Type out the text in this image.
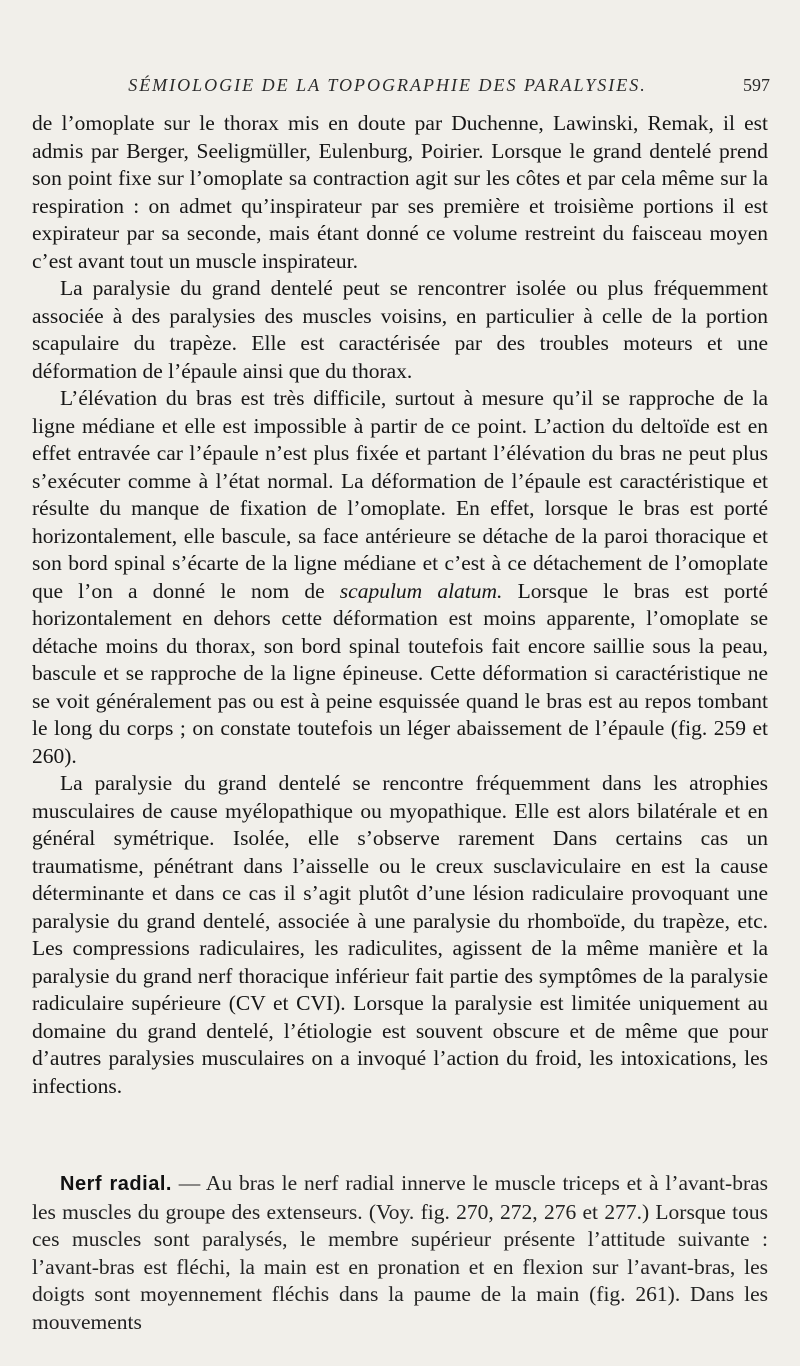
SÉMIOLOGIE DE LA TOPOGRAPHIE DES PARALYSIES.	597

de l’omoplate sur le thorax mis en doute par Duchenne, Lawinski, Remak, il est admis par Berger, Seeligmüller, Eulenburg, Poirier. Lorsque le grand dentelé prend son point fixe sur l’omoplate sa contraction agit sur les côtes et par cela même sur la respiration : on admet qu’inspirateur par ses première et troisième portions il est expirateur par sa seconde, mais étant donné ce volume restreint du faisceau moyen c’est avant tout un muscle inspirateur.

La paralysie du grand dentelé peut se rencontrer isolée ou plus fréquemment associée à des paralysies des muscles voisins, en particulier à celle de la portion scapulaire du trapèze. Elle est caractérisée par des troubles moteurs et une déformation de l’épaule ainsi que du thorax.

L’élévation du bras est très difficile, surtout à mesure qu’il se rapproche de la ligne médiane et elle est impossible à partir de ce point. L’action du deltoïde est en effet entravée car l’épaule n’est plus fixée et partant l’élévation du bras ne peut plus s’exécuter comme à l’état normal. La déformation de l’épaule est caractéristique et résulte du manque de fixation de l’omoplate. En effet, lorsque le bras est porté horizontalement, elle bascule, sa face antérieure se détache de la paroi thoracique et son bord spinal s’écarte de la ligne médiane et c’est à ce détachement de l’omoplate que l’on a donné le nom de scapulum alatum. Lorsque le bras est porté horizontalement en dehors cette déformation est moins apparente, l’omoplate se détache moins du thorax, son bord spinal toutefois fait encore saillie sous la peau, bascule et se rapproche de la ligne épineuse. Cette déformation si caractéristique ne se voit généralement pas ou est à peine esquissée quand le bras est au repos tombant le long du corps ; on constate toutefois un léger abaissement de l’épaule (fig. 259 et 260).

La paralysie du grand dentelé se rencontre fréquemment dans les atrophies musculaires de cause myélopathique ou myopathique. Elle est alors bilatérale et en général symétrique. Isolée, elle s’observe rarement Dans certains cas un traumatisme, pénétrant dans l’aisselle ou le creux susclaviculaire en est la cause déterminante et dans ce cas il s’agit plutôt d’une lésion radiculaire provoquant une paralysie du grand dentelé, associée à une paralysie du rhomboïde, du trapèze, etc. Les compressions radiculaires, les radiculites, agissent de la même manière et la paralysie du grand nerf thoracique inférieur fait partie des symptômes de la paralysie radiculaire supérieure (CV et CVI). Lorsque la paralysie est limitée uniquement au domaine du grand dentelé, l’étiologie est souvent obscure et de même que pour d’autres paralysies musculaires on a invoqué l’action du froid, les intoxications, les infections.

Nerf radial. — Au bras le nerf radial innerve le muscle triceps et à l’avant-bras les muscles du groupe des extenseurs. (Voy. fig. 270, 272, 276 et 277.) Lorsque tous ces muscles sont paralysés, le membre supérieur présente l’attitude suivante : l’avant-bras est fléchi, la main est en pronation et en flexion sur l’avant-bras, les doigts sont moyennement fléchis dans la paume de la main (fig. 261). Dans les mouvements
